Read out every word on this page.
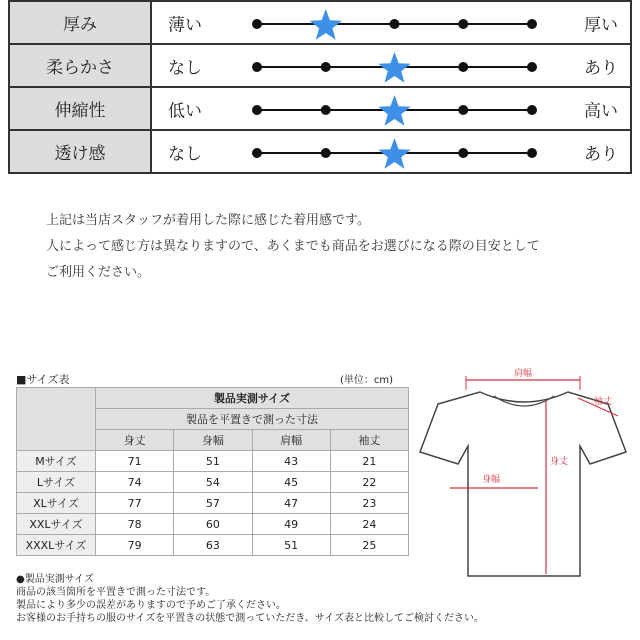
厚み	薄い 厚い

柔らかさ	なし あり

伸縮性	低い 高い

透け感	なし あり
上記は当店スタッフが着用した際に感じた着用感です。
人によって感じ方は異なりますので、あくまでも商品をお選びになる際の目安として
ご利用ください。
■サイズ表	(単位：cm)
	製品実測サイズ			
	製品を平置きで測った寸法			
	身丈	身幅	肩幅	袖丈
Mサイズ	71	51	43	21
Lサイズ	74	54	45	22
XLサイズ	77	57	47	23
XXLサイズ	78	60	49	24
XXXLサイズ	79	63	51	25
●製品実測サイズ
商品の該当箇所を平置きで測った寸法です。
製品により多少の誤差がありますので予めご了承ください。
お客様のお手持ちの服のサイズを平置きの状態で測っていただき、サイズ表と比較してご検討ください。
肩幅
袖丈
身丈
身幅
